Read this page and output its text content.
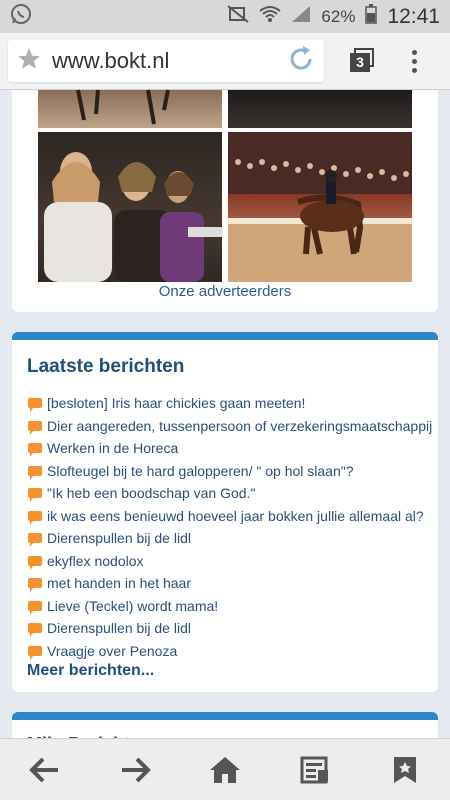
62% 12:41
www.bokt.nl	3
Onze adverteerders
Laatste berichten
[besloten] Iris haar chickies gaan meeten!
Dier aangereden, tussenpersoon of verzekeringsmaatschappij
Werken in de Horeca
Slofteugel bij te hard galopperen/ " op hol slaan"?
"Ik heb een boodschap van God."
ik was eens benieuwd hoeveel jaar bokken jullie allemaal al?
Dierenspullen bij de lidl
ekyflex nodolox
met handen in het haar
Lieve (Teckel) wordt mama!
Dierenspullen bij de lidl
Vraagje over Penoza
Meer berichten...
